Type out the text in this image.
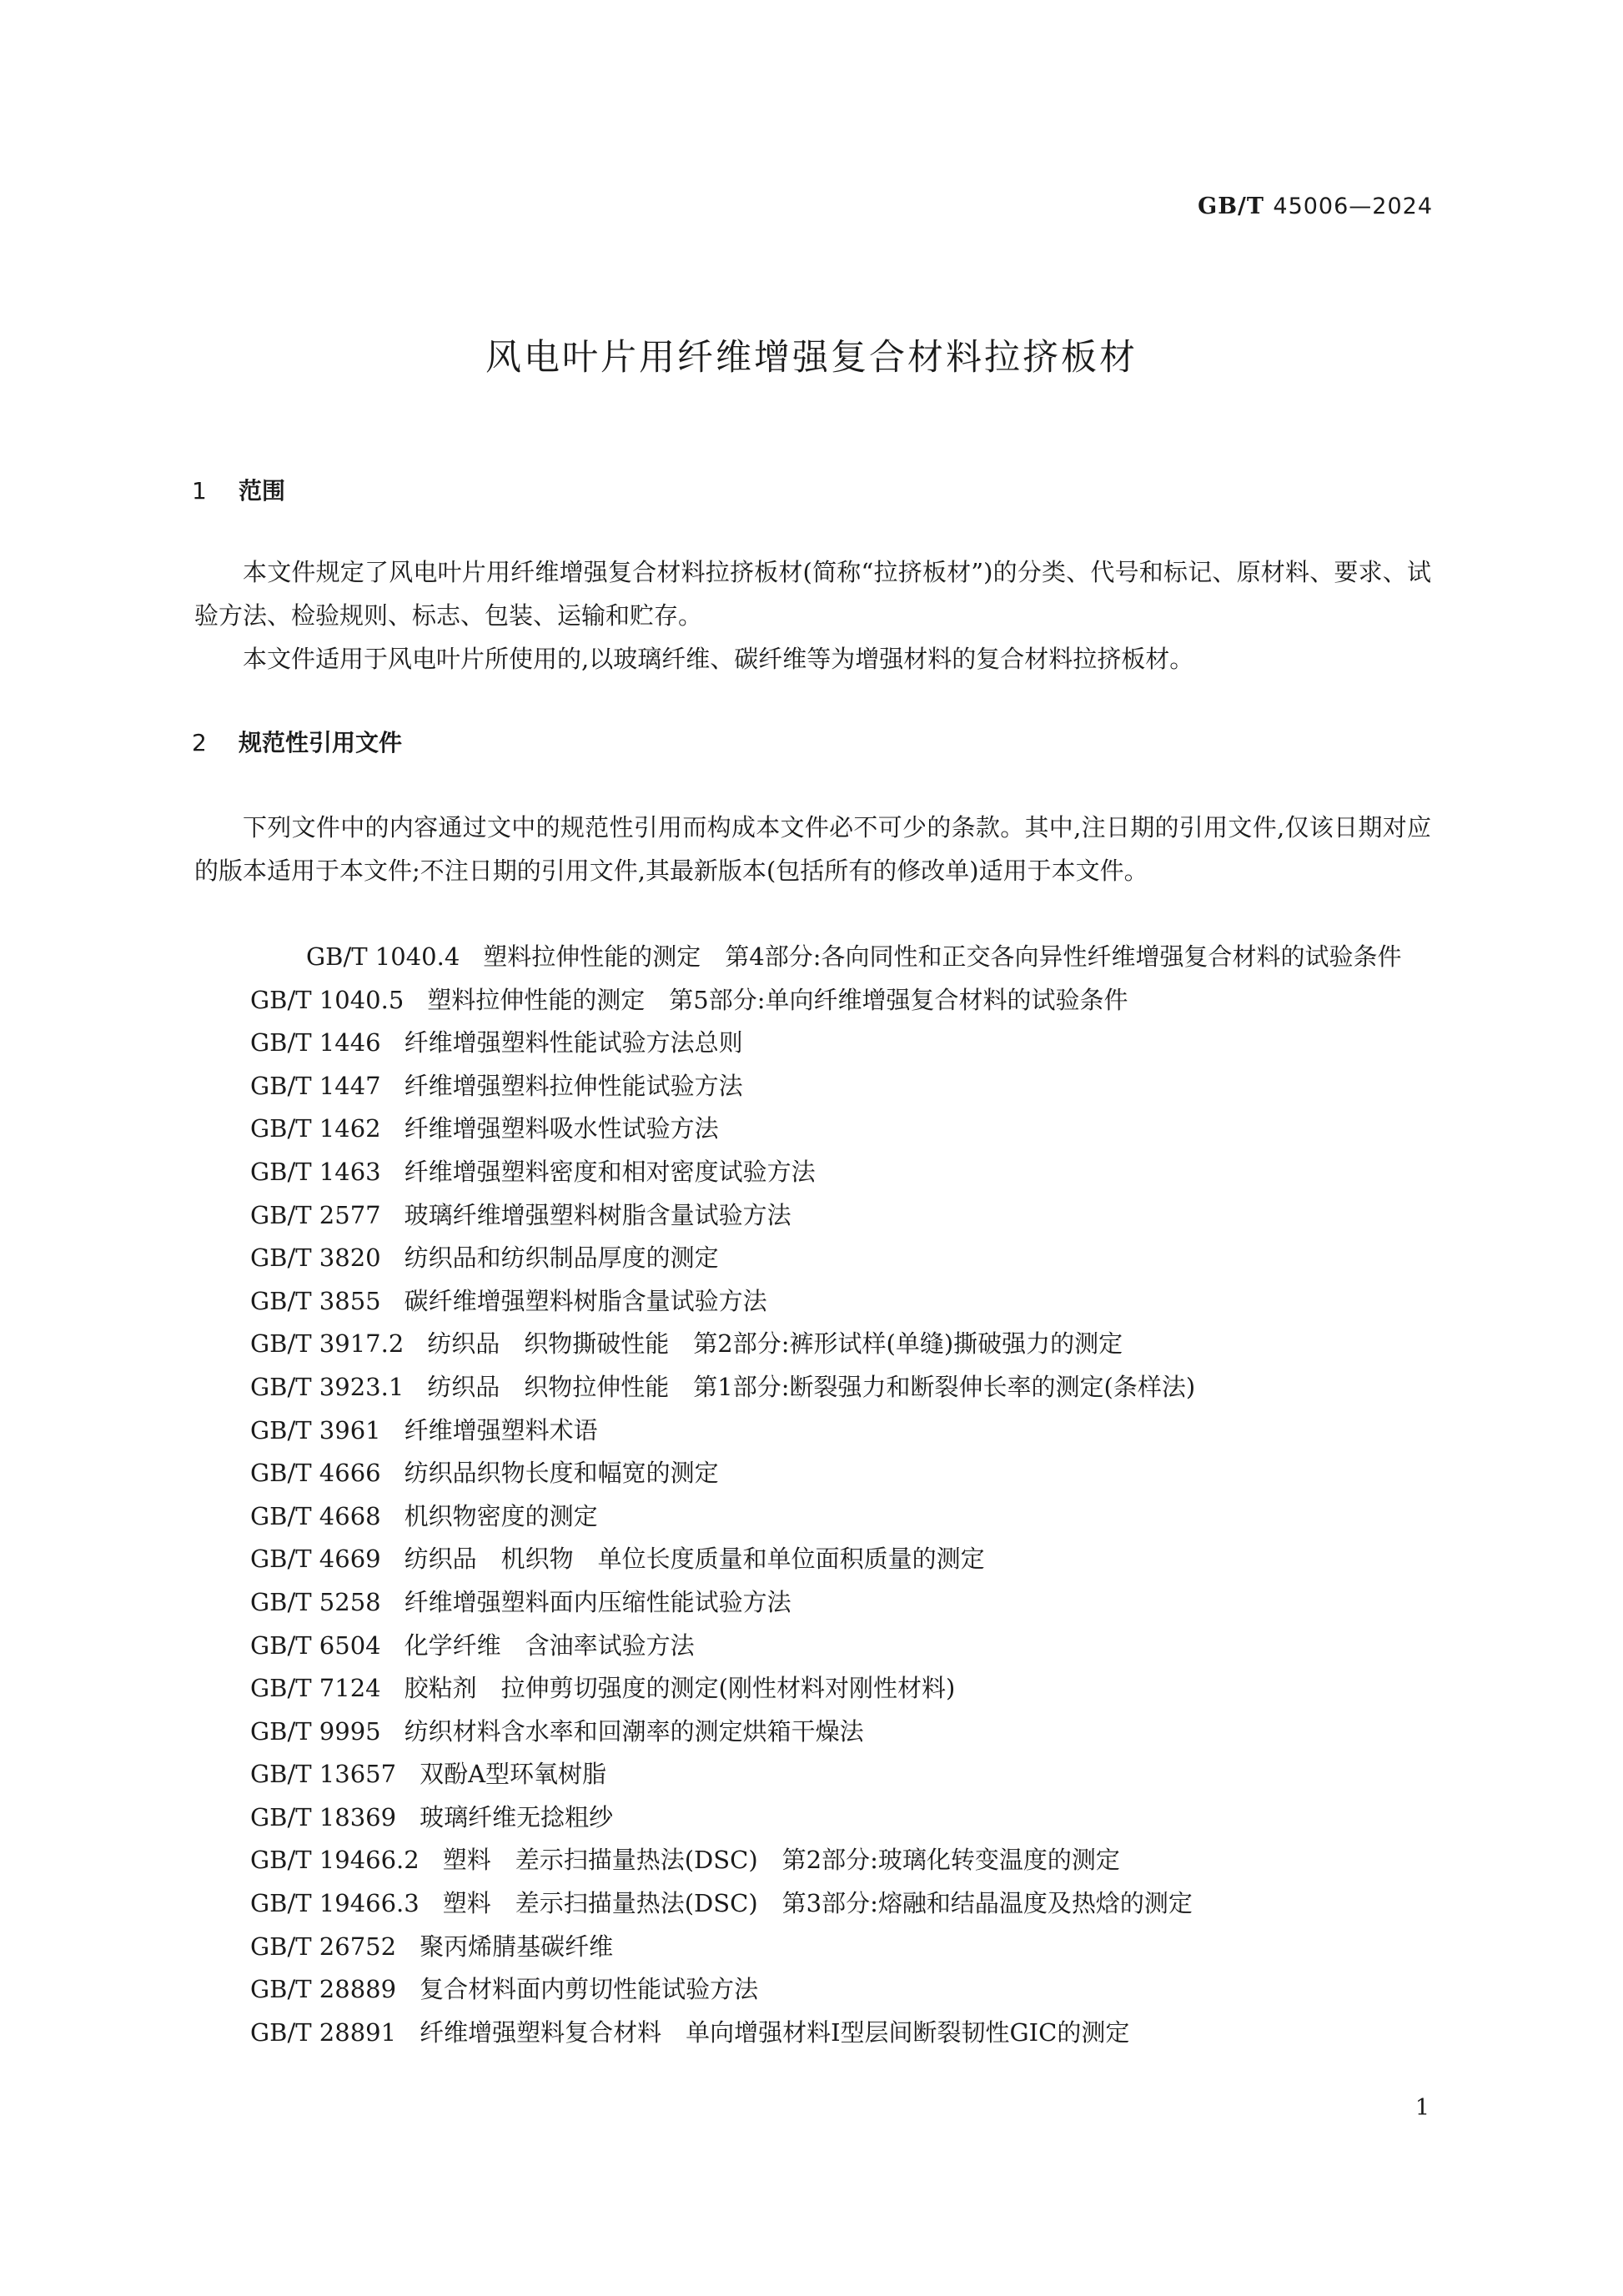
GB/T 45006—2024
风电叶片用纤维增强复合材料拉挤板材
1 范围

本文件规定了风电叶片用纤维增强复合材料拉挤板材(简称“拉挤板材”)的分类、代号和标记、原材料、要求、试验方法、检验规则、标志、包装、运输和贮存。

本文件适用于风电叶片所使用的,以玻璃纤维、碳纤维等为增强材料的复合材料拉挤板材。

2 规范性引用文件

下列文件中的内容通过文中的规范性引用而构成本文件必不可少的条款。其中,注日期的引用文件,仅该日期对应的版本适用于本文件;不注日期的引用文件,其最新版本(包括所有的修改单)适用于本文件。

GB/T 1040.4 塑料拉伸性能的测定　第4部分:各向同性和正交各向异性纤维增强复合材料的试验条件
GB/T 1040.5 塑料拉伸性能的测定　第5部分:单向纤维增强复合材料的试验条件
GB/T 1446 纤维增强塑料性能试验方法总则
GB/T 1447 纤维增强塑料拉伸性能试验方法
GB/T 1462 纤维增强塑料吸水性试验方法
GB/T 1463 纤维增强塑料密度和相对密度试验方法
GB/T 2577 玻璃纤维增强塑料树脂含量试验方法
GB/T 3820 纺织品和纺织制品厚度的测定
GB/T 3855 碳纤维增强塑料树脂含量试验方法
GB/T 3917.2 纺织品　织物撕破性能　第2部分:裤形试样(单缝)撕破强力的测定
GB/T 3923.1 纺织品　织物拉伸性能　第1部分:断裂强力和断裂伸长率的测定(条样法)
GB/T 3961 纤维增强塑料术语
GB/T 4666 纺织品织物长度和幅宽的测定
GB/T 4668 机织物密度的测定
GB/T 4669 纺织品　机织物　单位长度质量和单位面积质量的测定
GB/T 5258 纤维增强塑料面内压缩性能试验方法
GB/T 6504 化学纤维　含油率试验方法
GB/T 7124 胶粘剂　拉伸剪切强度的测定(刚性材料对刚性材料)
GB/T 9995 纺织材料含水率和回潮率的测定烘箱干燥法
GB/T 13657 双酚A型环氧树脂
GB/T 18369 玻璃纤维无捻粗纱
GB/T 19466.2 塑料　差示扫描量热法(DSC)　第2部分:玻璃化转变温度的测定
GB/T 19466.3 塑料　差示扫描量热法(DSC)　第3部分:熔融和结晶温度及热焓的测定
GB/T 26752 聚丙烯腈基碳纤维
GB/T 28889 复合材料面内剪切性能试验方法
GB/T 28891 纤维增强塑料复合材料　单向增强材料Ⅰ型层间断裂韧性GIC的测定
1
